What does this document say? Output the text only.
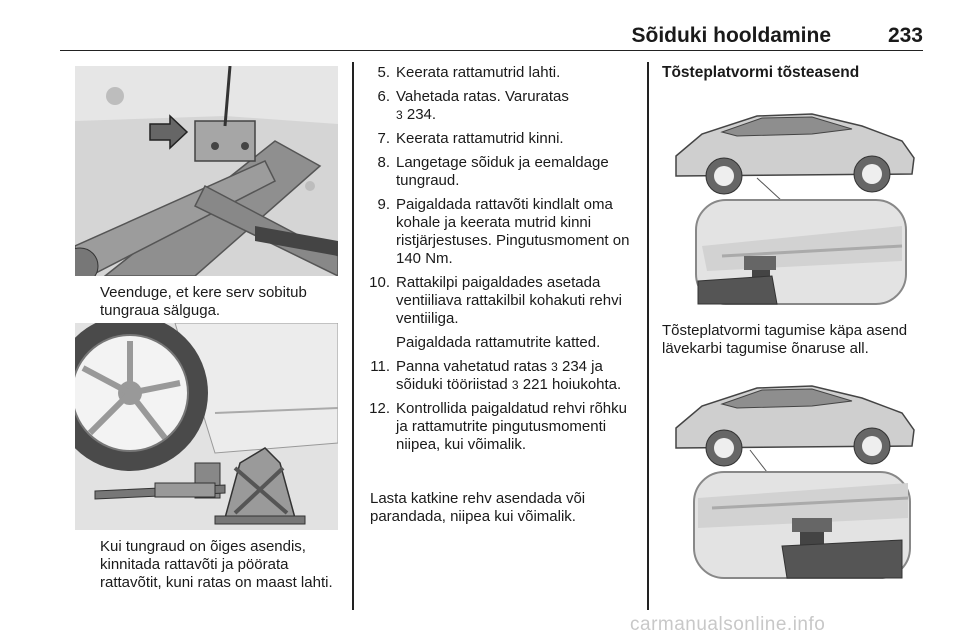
Sõiduki hooldamine	233
Veenduge, et kere serv sobitub tungraua sälguga.
Kui tungraud on õiges asendis, kinnitada rattavõti ja pöörata rattavõtit, kuni ratas on maast lahti.
5. Keerata rattamutrid lahti.
6. Vahetada ratas. Varuratas
3 234.
7. Keerata rattamutrid kinni.
8. Langetage sõiduk ja eemaldage tungraud.
9. Paigaldada rattavõti kindlalt oma kohale ja keerata mutrid kinni ristjärjestuses. Pingutusmoment on 140 Nm.
10. Rattakilpi paigaldades asetada ventiiliava rattakilbil kohakuti rehvi ventiiliga.
Paigaldada rattamutrite katted.
11. Panna vahetatud ratas 3 234 ja sõiduki tööriistad 3 221 hoiukohta.
12. Kontrollida paigaldatud rehvi rõhku ja rattamutrite pingutusmomenti niipea, kui võimalik.
Lasta katkine rehv asendada või parandada, niipea kui võimalik.
Tõsteplatvormi tõsteasend
Tõsteplatvormi tagumise käpa asend lävekarbi tagumise õnaruse all.
carmanualsonline.info
